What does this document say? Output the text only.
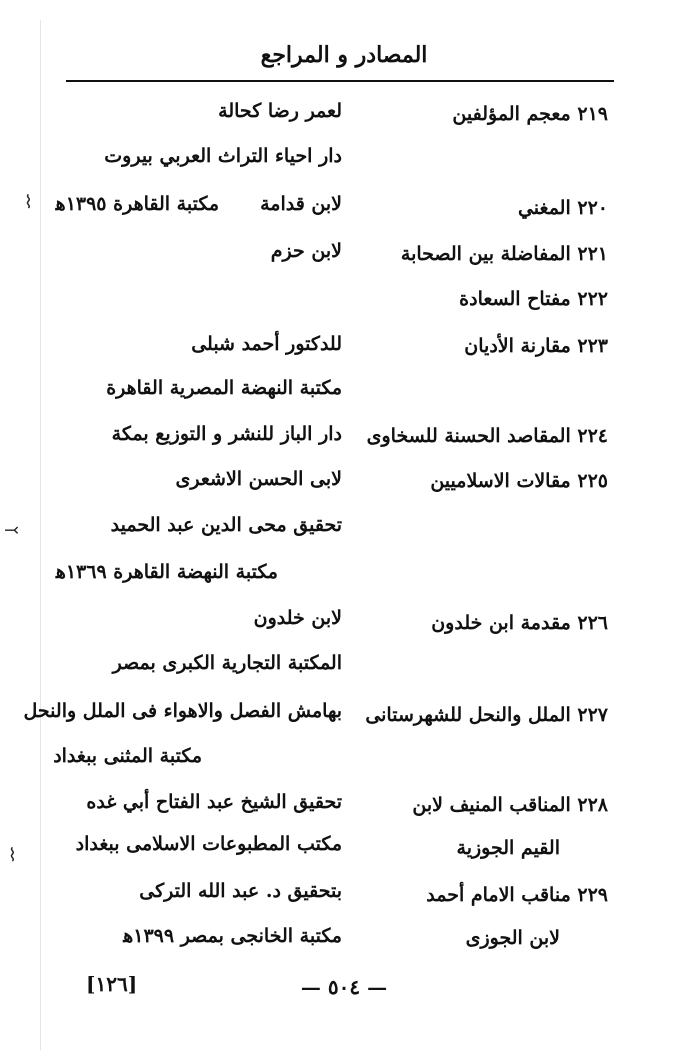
المصادر و المراجع
٢١٩ معجم المؤلفين
لعمر رضا كحالة
دار احياء التراث العربي بيروت
٢٢٠ المغني
لابن قدامة
مكتبة القاهرة ١٣٩٥ﻫ
٢٢١ المفاضلة بين الصحابة
لابن حزم
٢٢٢ مفتاح السعادة
٢٢٣ مقارنة الأديان
للدكتور أحمد شبلى
مكتبة النهضة المصرية القاهرة
٢٢٤ المقاصد الحسنة للسخاوى
دار الباز للنشر و التوزيع بمكة
٢٢٥ مقالات الاسلاميين
لابى الحسن الاشعرى
تحقيق محى الدين عبد الحميد
مكتبة النهضة القاهرة ١٣٦٩ﻫ
٢٢٦ مقدمة ابن خلدون
لابن خلدون
المكتبة التجارية الكبرى بمصر
٢٢٧ الملل والنحل للشهرستانى
بهامش الفصل والاهواء فى الملل والنحل
مكتبة المثنى ببغداد
٢٢٨ المناقب المنيف لابن
القيم الجوزية
تحقيق الشيخ عبد الفتاح أبي غده
مكتب المطبوعات الاسلامى ببغداد
٢٢٩ مناقب الامام أحمد
لابن الجوزى
بتحقيق د. عبد الله التركى
مكتبة الخانجى بمصر ١٣٩٩ﻫ
— ٥٠٤ —
[١٢٦]
⌇
⤙
⌇
